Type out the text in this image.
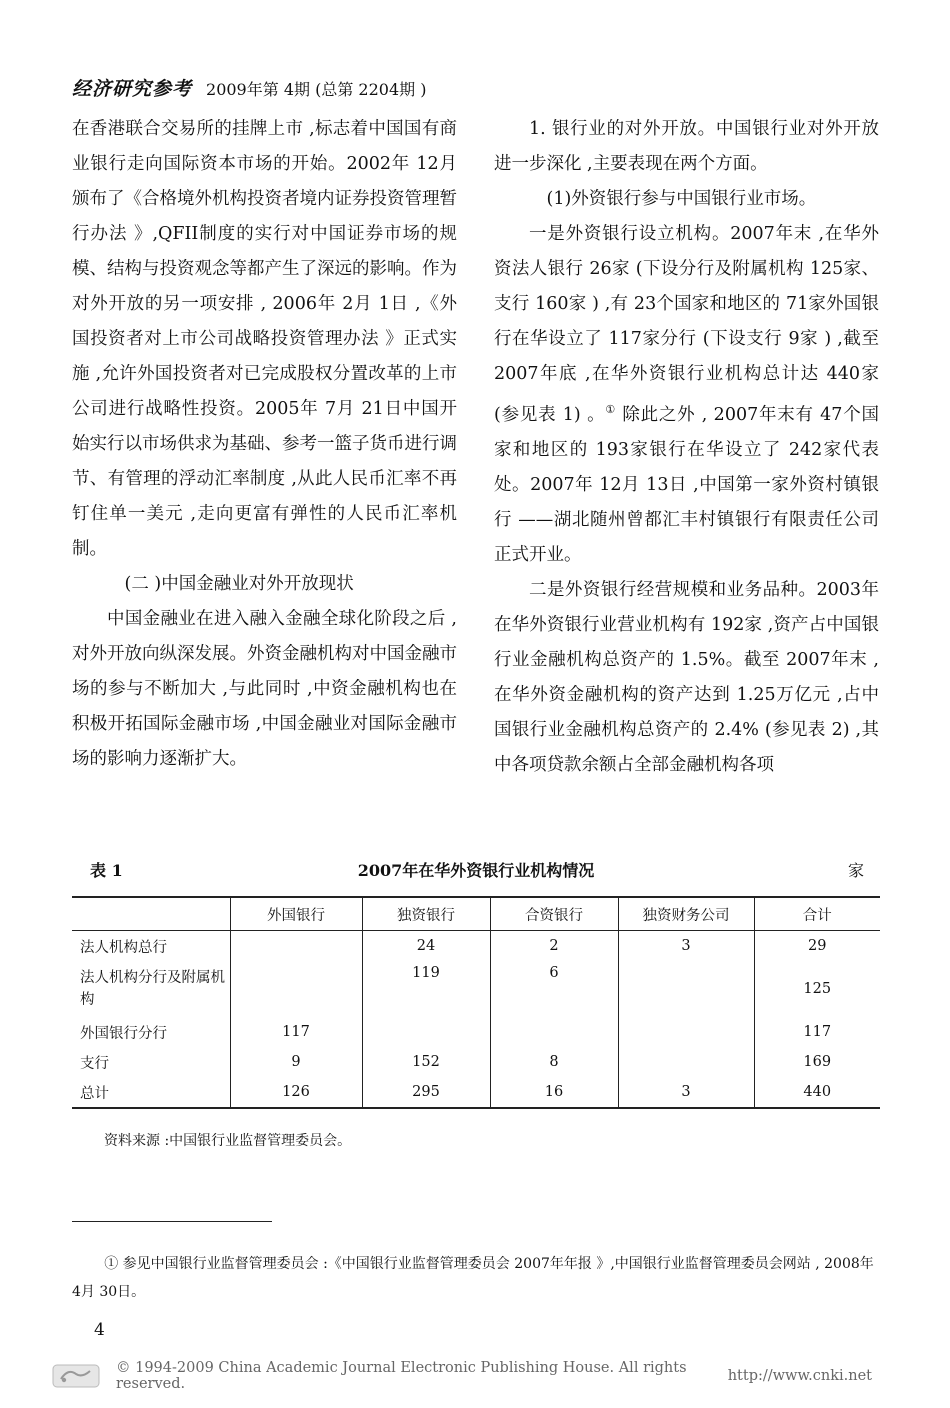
经济研究参考 2009年第 4期 (总第 2204期 )

在香港联合交易所的挂牌上市 ,标志着中国国有商业银行走向国际资本市场的开始。2002年 12月颁布了《合格境外机构投资者境内证券投资管理暂行办法 》,QFII制度的实行对中国证券市场的规模、结构与投资观念等都产生了深远的影响。作为对外开放的另一项安排 , 2006年 2月 1日 ,《外国投资者对上市公司战略投资管理办法 》正式实施 ,允许外国投资者对已完成股权分置改革的上市公司进行战略性投资。2005年 7月 21日中国开始实行以市场供求为基础、参考一篮子货币进行调节、有管理的浮动汇率制度 ,从此人民币汇率不再钉住单一美元 ,走向更富有弹性的人民币汇率机制。

(二 )中国金融业对外开放现状

中国金融业在进入融入金融全球化阶段之后 ,对外开放向纵深发展。外资金融机构对中国金融市场的参与不断加大 ,与此同时 ,中资金融机构也在积极开拓国际金融市场 ,中国金融业对国际金融市场的影响力逐渐扩大。

1. 银行业的对外开放。中国银行业对外开放进一步深化 ,主要表现在两个方面。

(1)外资银行参与中国银行业市场。

一是外资银行设立机构。2007年末 ,在华外资法人银行 26家 (下设分行及附属机构 125家、支行 160家 ) ,有 23个国家和地区的 71家外国银行在华设立了 117家分行 (下设支行 9家 ) ,截至 2007年底 ,在华外资银行业机构总计达 440家 (参见表 1) 。① 除此之外 , 2007年末有 47个国家和地区的 193家银行在华设立了 242家代表处。2007年 12月 13日 ,中国第一家外资村镇银行 ——湖北随州曾都汇丰村镇银行有限责任公司正式开业。

二是外资银行经营规模和业务品种。2003年在华外资银行业营业机构有 192家 ,资产占中国银行业金融机构总资产的 1.5%。截至 2007年末 ,在华外资金融机构的资产达到 1.25万亿元 ,占中国银行业金融机构总资产的 2.4% (参见表 2) ,其中各项贷款余额占全部金融机构各项

2007年在华外资银行业机构情况
表 1	家
	外国银行	独资银行	合资银行	独资财务公司	合计
法人机构总行		24	2	3	29
法人机构分行及附属机构		119	6		125
外国银行分行	117				117
支行	9	152	8		169
总计	126	295	16	3	440
资料来源 :中国银行业监督管理委员会。
① 参见中国银行业监督管理委员会 :《中国银行业监督管理委员会 2007年年报 》,中国银行业监督管理委员会网站 , 2008年 4月 30日。
4
© 1994-2009 China Academic Journal Electronic Publishing House. All rights reserved.	http://www.cnki.net
